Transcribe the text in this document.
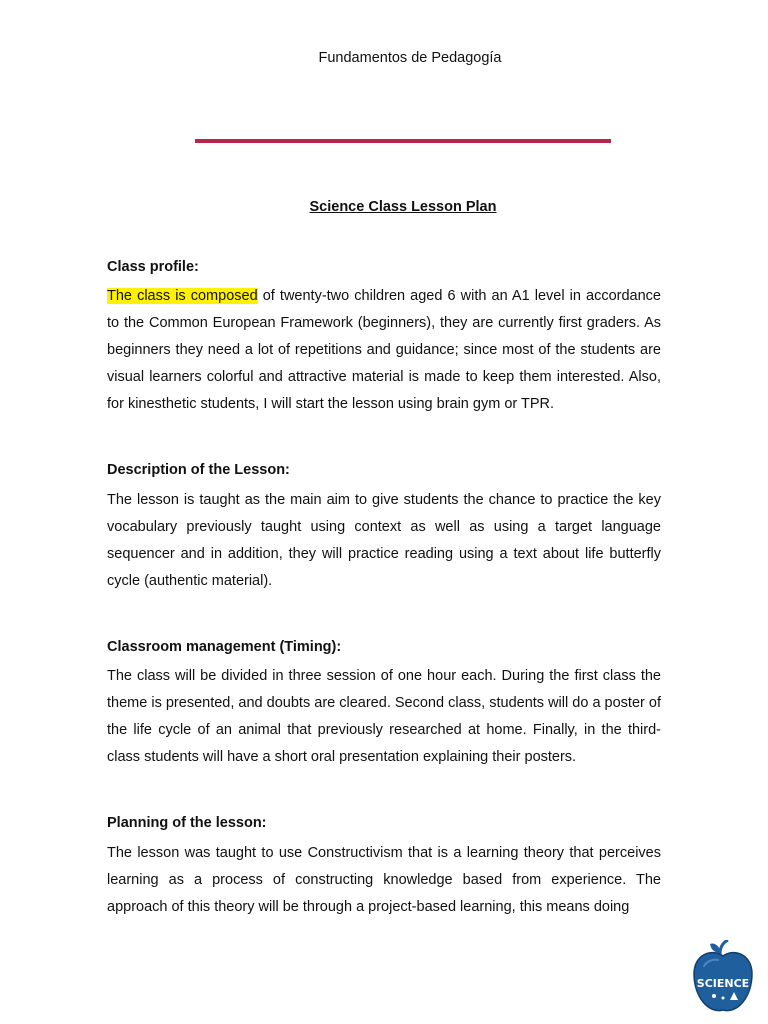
Fundamentos de Pedagogía
Science Class Lesson Plan
Class profile:

The class is composed of twenty-two children aged 6 with an A1 level in accordance to the Common European Framework (beginners), they are currently first graders. As beginners they need a lot of repetitions and guidance; since most of the students are visual learners colorful and attractive material is made to keep them interested. Also, for kinesthetic students, I will start the lesson using brain gym or TPR.

Description of the Lesson:

The lesson is taught as the main aim to give students the chance to practice the key vocabulary previously taught using context as well as using a target language sequencer and in addition, they will practice reading using a text about life butterfly cycle (authentic material).

Classroom management (Timing):

The class will be divided in three session of one hour each. During the first class the theme is presented, and doubts are cleared. Second class, students will do a poster of the life cycle of an animal that previously researched at home. Finally, in the third-class students will have a short oral presentation explaining their posters.

Planning of the lesson:

The lesson was taught to use Constructivism that is a learning theory that perceives learning as a process of constructing knowledge based from experience. The approach of this theory will be through a project-based learning, this means doing

SCIENCE
